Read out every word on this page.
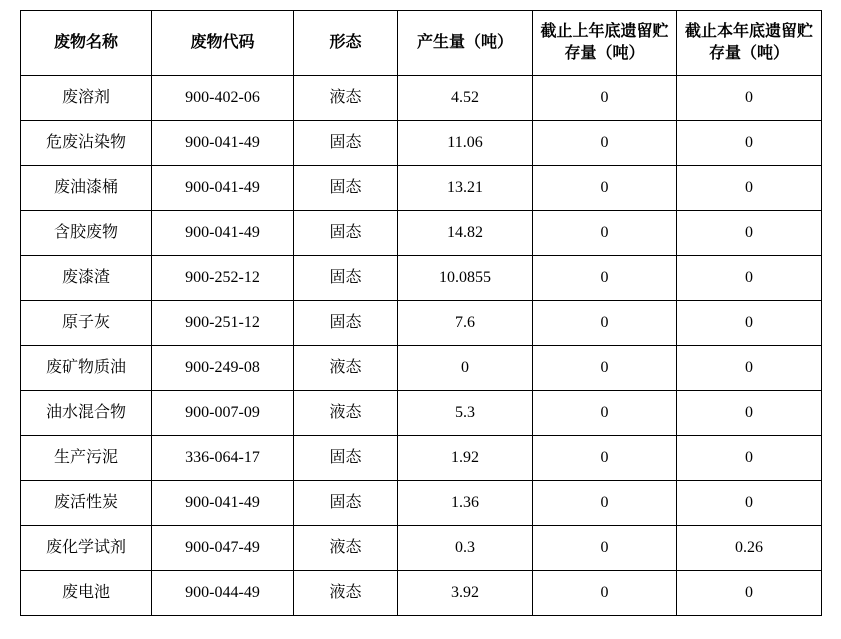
废物名称	废物代码	形态	产生量（吨）	截止上年底遗留贮存量（吨）	截止本年底遗留贮存量（吨）

废溶剂	900-402-06	液态	4.52	0	0
危废沾染物	900-041-49	固态	11.06	0	0
废油漆桶	900-041-49	固态	13.21	0	0
含胶废物	900-041-49	固态	14.82	0	0
废漆渣	900-252-12	固态	10.0855	0	0
原子灰	900-251-12	固态	7.6	0	0
废矿物质油	900-249-08	液态	0	0	0
油水混合物	900-007-09	液态	5.3	0	0
生产污泥	336-064-17	固态	1.92	0	0
废活性炭	900-041-49	固态	1.36	0	0
废化学试剂	900-047-49	液态	0.3	0	0.26
废电池	900-044-49	液态	3.92	0	0
